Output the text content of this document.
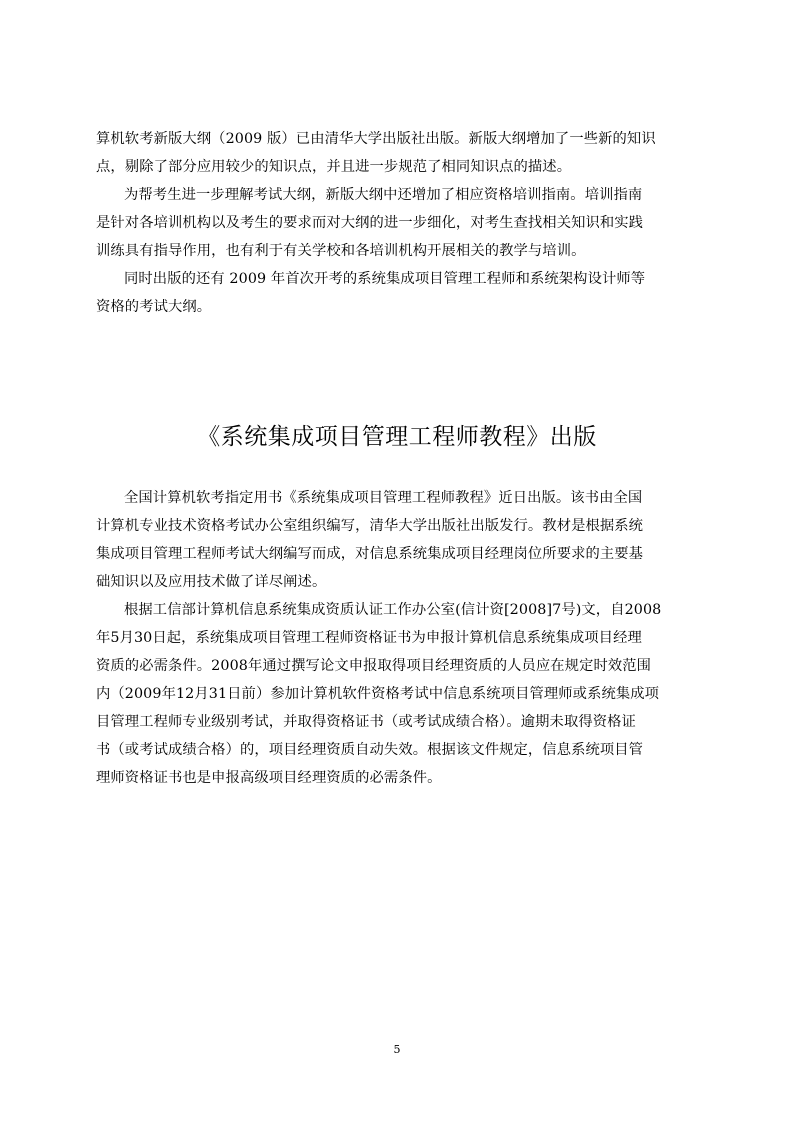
算机软考新版大纲（2009 版）已由清华大学出版社出版。新版大纲增加了一些新的知识
点，剔除了部分应用较少的知识点，并且进一步规范了相同知识点的描述。
为帮考生进一步理解考试大纲，新版大纲中还增加了相应资格培训指南。培训指南
是针对各培训机构以及考生的要求而对大纲的进一步细化，对考生查找相关知识和实践
训练具有指导作用，也有利于有关学校和各培训机构开展相关的教学与培训。
同时出版的还有 2009 年首次开考的系统集成项目管理工程师和系统架构设计师等
资格的考试大纲。
《系统集成项目管理工程师教程》出版
全国计算机软考指定用书《系统集成项目管理工程师教程》近日出版。该书由全国
计算机专业技术资格考试办公室组织编写，清华大学出版社出版发行。教材是根据系统
集成项目管理工程师考试大纲编写而成，对信息系统集成项目经理岗位所要求的主要基
础知识以及应用技术做了详尽阐述。
根据工信部计算机信息系统集成资质认证工作办公室(信计资[2008]7号)文，自2008
年5月30日起，系统集成项目管理工程师资格证书为申报计算机信息系统集成项目经理
资质的必需条件。2008年通过撰写论文申报取得项目经理资质的人员应在规定时效范围
内（2009年12月31日前）参加计算机软件资格考试中信息系统项目管理师或系统集成项
目管理工程师专业级别考试，并取得资格证书（或考试成绩合格）。逾期未取得资格证
书（或考试成绩合格）的，项目经理资质自动失效。根据该文件规定，信息系统项目管
理师资格证书也是申报高级项目经理资质的必需条件。
5
